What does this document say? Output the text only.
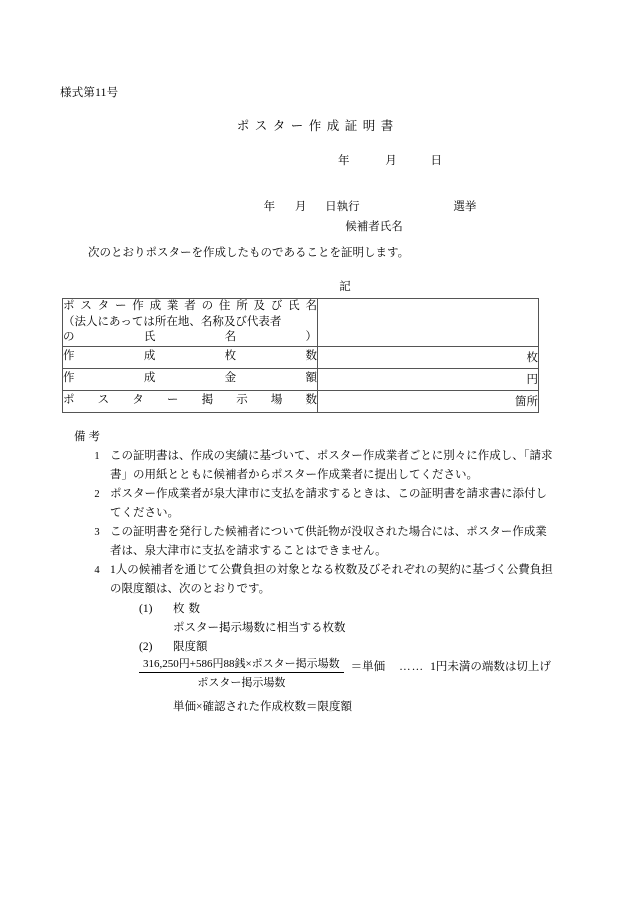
様式第11号
ポスター作成証明書
年	月	日
年 月 日執行	選挙
候補者氏名
次のとおりポスターを作成したものであることを証明します。
記
ポスター作成業者の住所及び氏名
（法人にあっては所在地、名称及び代表者
の　　　　　氏　　　　　名　　　　　）	

作成枚数	枚

作成金額	円

ポスター掲示場数	箇所
備考
1 この証明書は、作成の実績に基づいて、ポスター作成業者ごとに別々に作成し、「請求書」の用紙とともに候補者からポスター作成業者に提出してください。
2 ポスター作成業者が泉大津市に支払を請求するときは、この証明書を請求書に添付してください。
3 この証明書を発行した候補者について供託物が没収された場合には、ポスター作成業者は、泉大津市に支払を請求することはできません。
4 1人の候補者を通じて公費負担の対象となる枚数及びそれぞれの契約に基づく公費負担の限度額は、次のとおりです。
(1) 枚数
ポスター掲示場数に相当する枚数
(2) 限度額
$\frac{\text{316,250円+586円88銭×ポスター掲示場数}}{\text{ポスター掲示場数}}$ ＝単価 …… 1円未満の端数は切上げ
単価×確認された作成枚数＝限度額
